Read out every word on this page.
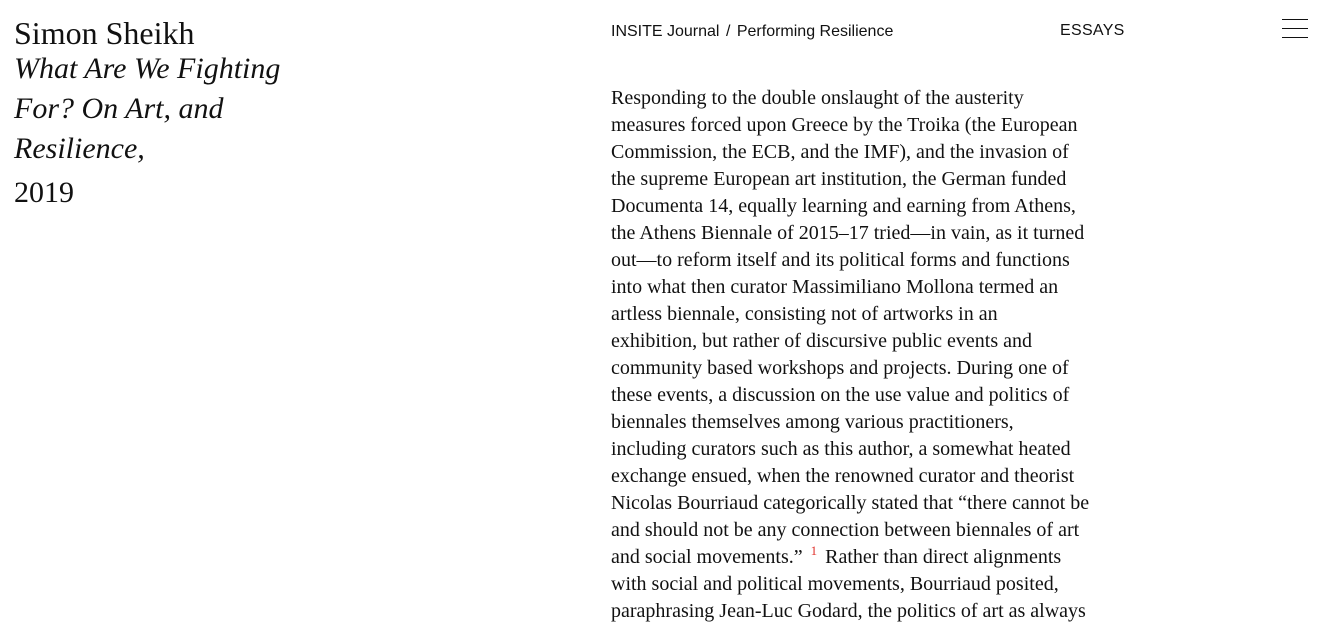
Simon Sheikh
What Are We Fighting For? On Art, and Resilience,
2019
INSITE Journal / Performing Resilience	ESSAYS
Responding to the double onslaught of the austerity
measures forced upon Greece by the Troika (the European
Commission, the ECB, and the IMF), and the invasion of
the supreme European art institution, the German funded
Documenta 14, equally learning and earning from Athens,
the Athens Biennale of 2015–17 tried—in vain, as it turned
out—to reform itself and its political forms and functions
into what then curator Massimiliano Mollona termed an
artless biennale, consisting not of artworks in an
exhibition, but rather of discursive public events and
community based workshops and projects. During one of
these events, a discussion on the use value and politics of
biennales themselves among various practitioners,
including curators such as this author, a somewhat heated
exchange ensued, when the renowned curator and theorist
Nicolas Bourriaud categorically stated that “there cannot be
and should not be any connection between biennales of art
and social movements.” $^1$ Rather than direct alignments
with social and political movements, Bourriaud posited,
paraphrasing Jean-Luc Godard, the politics of art as always
